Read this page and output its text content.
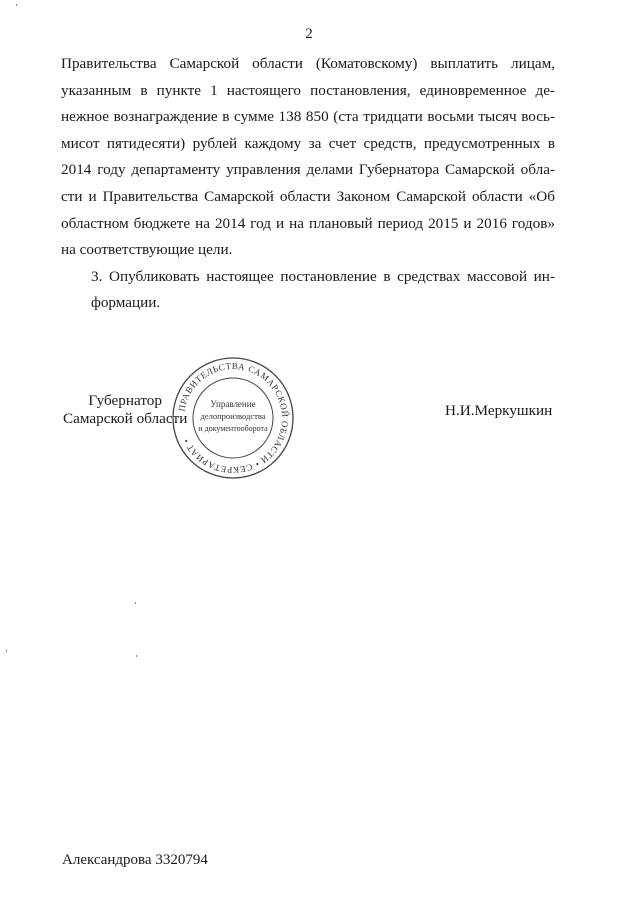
2

Правительства Самарской области (Коматовскому) выплатить лицам,
указанным в пункте 1 настоящего постановления, единовременное де-
нежное вознаграждение в сумме 138 850 (ста тридцати восьми тысяч вось-
мисот пятидесяти) рублей каждому за счет средств, предусмотренных в
2014 году департаменту управления делами Губернатора Самарской обла-
сти и Правительства Самарской области Законом Самарской области «Об
областном бюджете на 2014 год и на плановый период 2015 и 2016 годов»
на соответствующие цели.

3. Опубликовать настоящее постановление в средствах массовой ин-
формации.

Губернатор
Самарской области
ПРАВИТЕЛЬСТВА САМАРСКОЙ ОБЛАСТИ • СЕКРЕТАРИАТ •
Управление
делопроизводства
и документооборота
Н.И.Меркушкин
Александрова 3320794
